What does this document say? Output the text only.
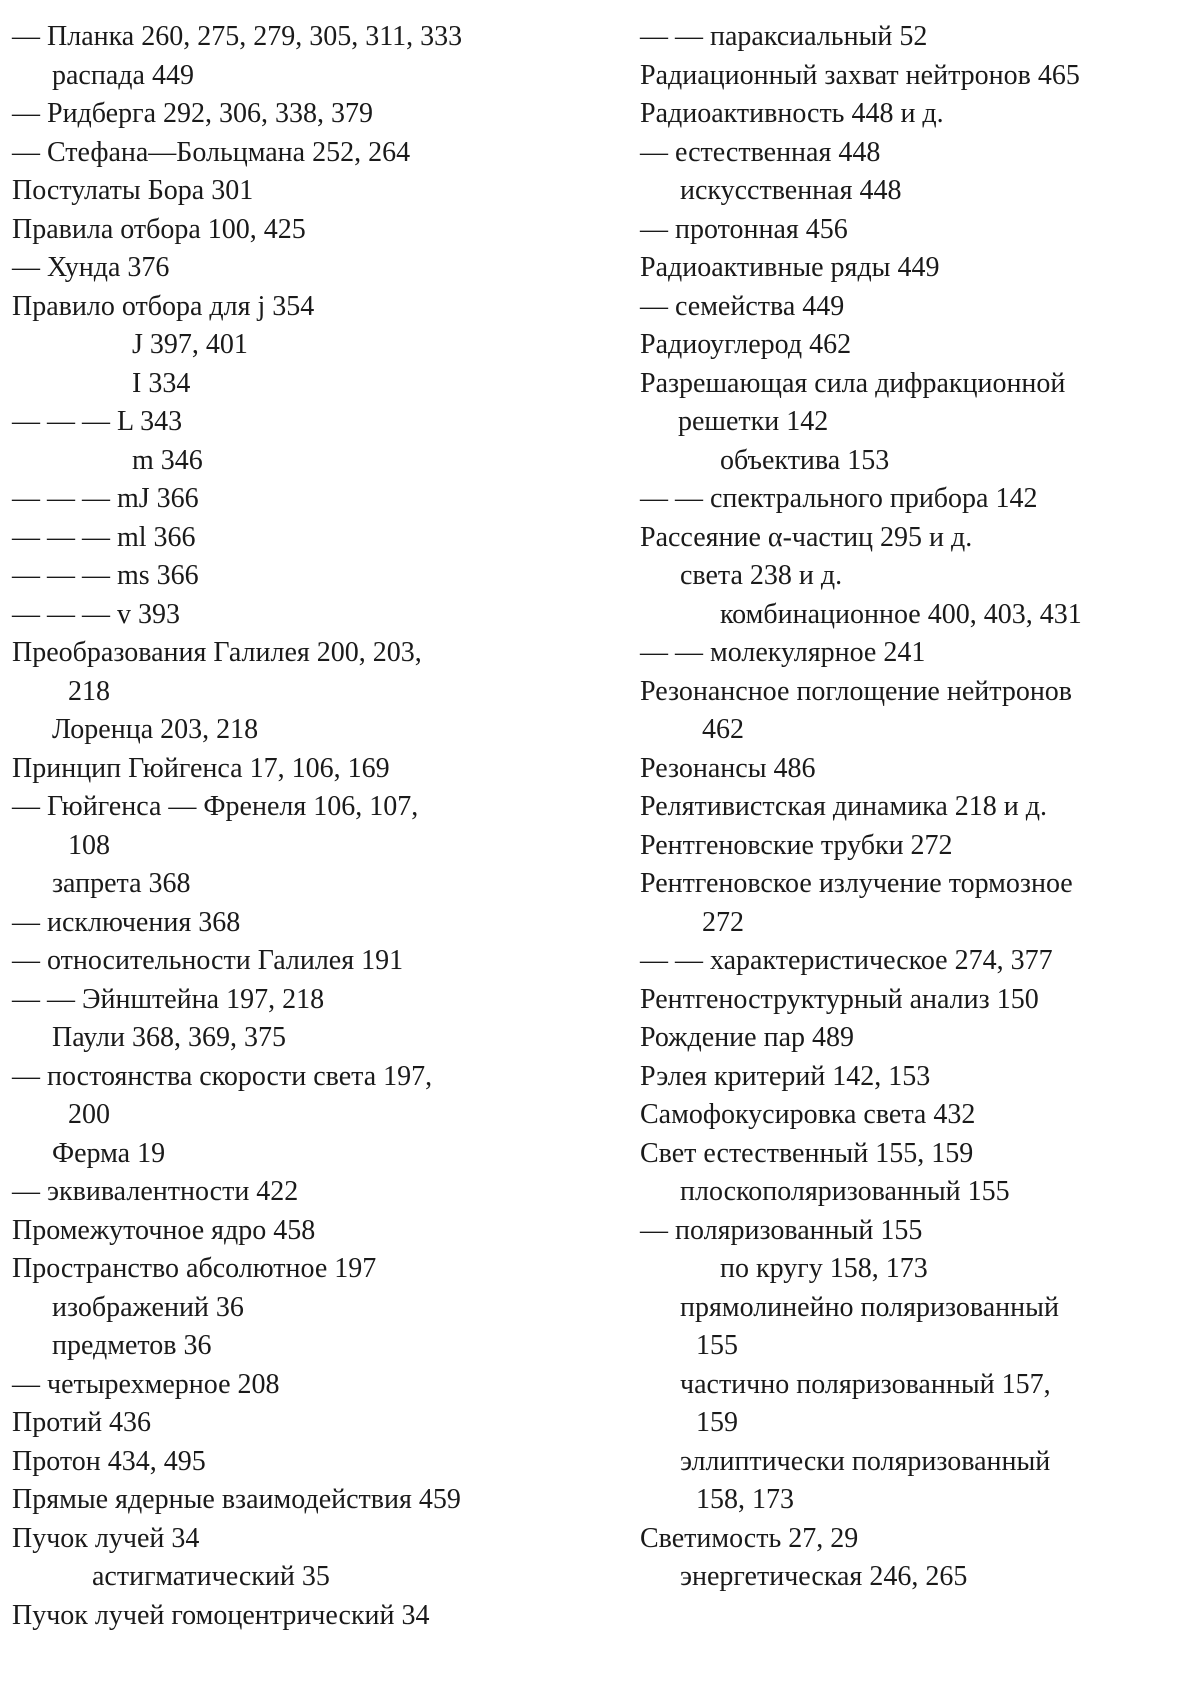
— Планка 260, 275, 279, 305, 311, 333
распада 449
— Ридберга 292, 306, 338, 379
— Стефана—Больцмана 252, 264
Постулаты Бора 301
Правила отбора 100, 425
— Хунда 376
Правило отбора для j 354
J 397, 401
I 334
— — — L 343
m 346
— — — mJ 366
— — — ml 366
— — — ms 366
— — — v 393
Преобразования Галилея 200, 203,
218
Лоренца 203, 218
Принцип Гюйгенса 17, 106, 169
— Гюйгенса — Френеля 106, 107,
108
запрета 368
— исключения 368
— относительности Галилея 191
— — Эйнштейна 197, 218
Паули 368, 369, 375
— постоянства скорости света 197,
200
Ферма 19
— эквивалентности 422
Промежуточное ядро 458
Пространство абсолютное 197
изображений 36
предметов 36
— четырехмерное 208
Протий 436
Протон 434, 495
Прямые ядерные взаимодействия 459
Пучок лучей 34
астигматический 35
Пучок лучей гомоцентрический 34
— — параксиальный 52
Радиационный захват нейтронов 465
Радиоактивность 448 и д.
— естественная 448
искусственная 448
— протонная 456
Радиоактивные ряды 449
— семейства 449
Радиоуглерод 462
Разрешающая сила дифракционной
решетки 142
объектива 153
— — спектрального прибора 142
Рассеяние α-частиц 295 и д.
света 238 и д.
комбинационное 400, 403, 431
— — молекулярное 241
Резонансное поглощение нейтронов
462
Резонансы 486
Релятивистская динамика 218 и д.
Рентгеновские трубки 272
Рентгеновское излучение тормозное
272
— — характеристическое 274, 377
Рентгеноструктурный анализ 150
Рождение пар 489
Рэлея критерий 142, 153
Самофокусировка света 432
Свет естественный 155, 159
плоскополяризованный 155
— поляризованный 155
по кругу 158, 173
прямолинейно поляризованный
155
частично поляризованный 157,
159
эллиптически поляризованный
158, 173
Светимость 27, 29
энергетическая 246, 265
